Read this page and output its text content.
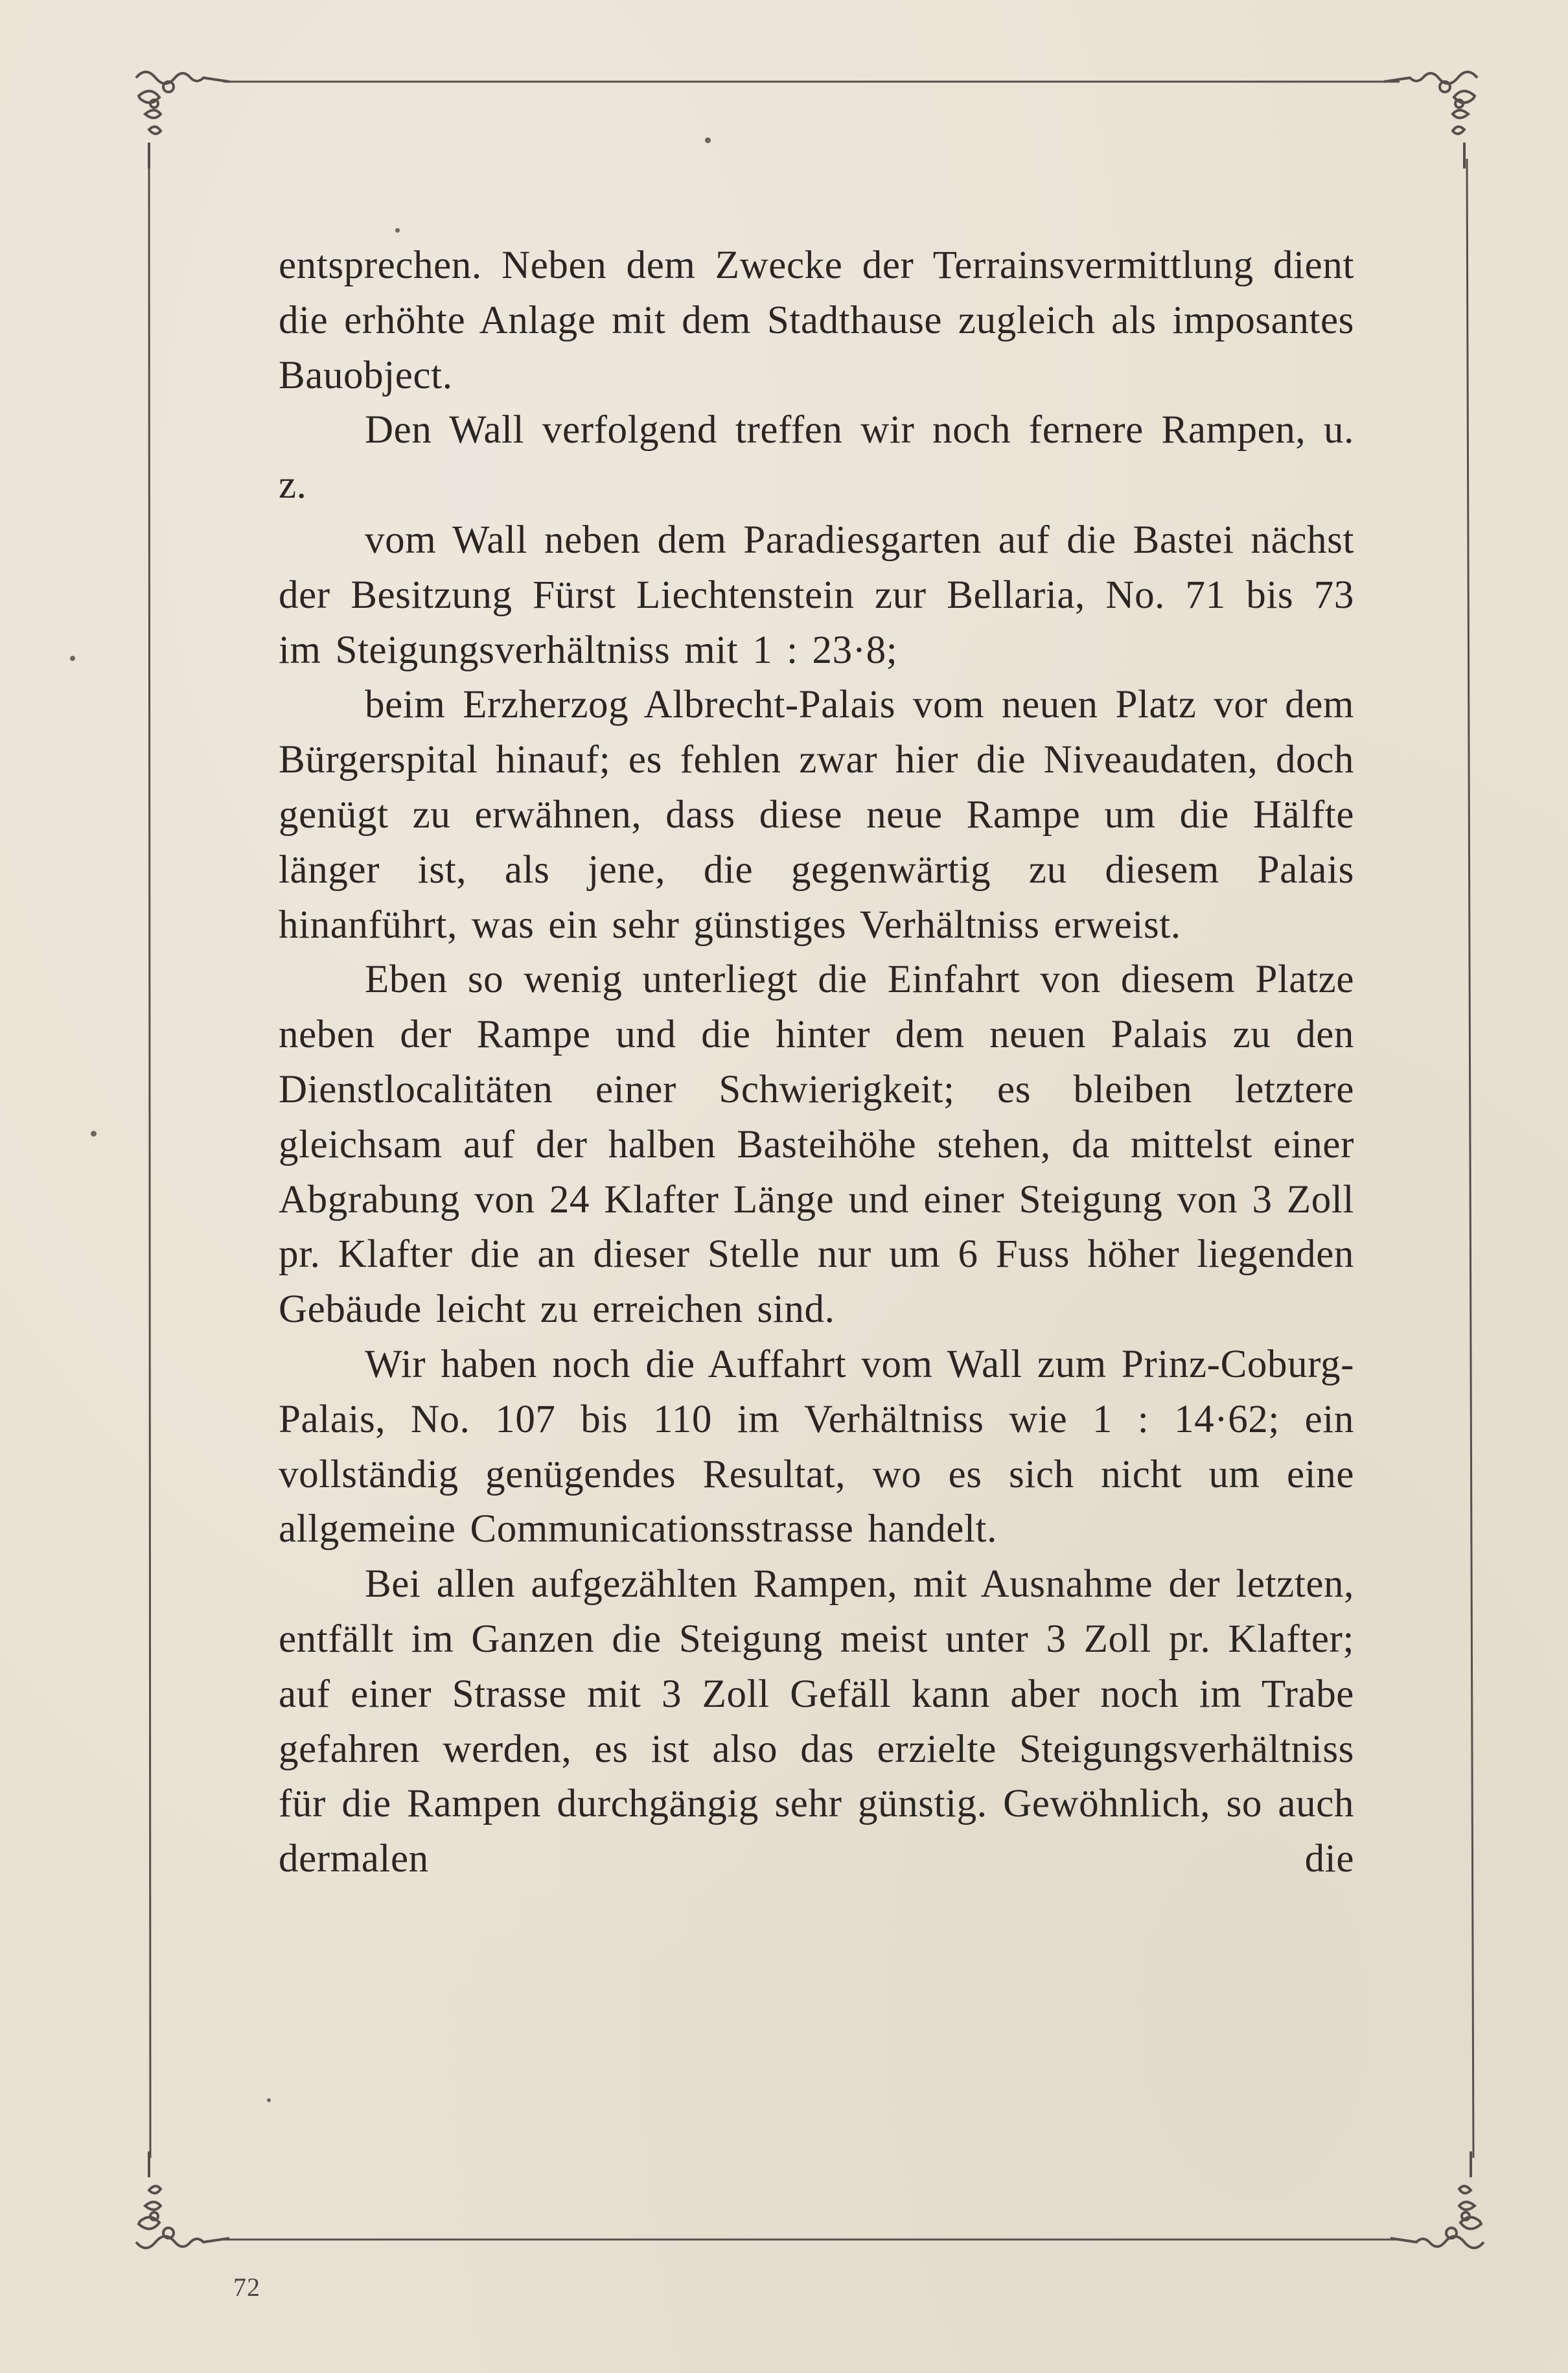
entsprechen. Neben dem Zwecke der Terrainsvermittlung dient die erhöhte Anlage mit dem Stadthause zugleich als imposantes Bauobject.

Den Wall verfolgend treffen wir noch fernere Rampen, u. z.

vom Wall neben dem Paradiesgarten auf die Bastei nächst der Besitzung Fürst Liechtenstein zur Bellaria, No. 71 bis 73 im Steigungsverhältniss mit 1 : 23·8;

beim Erzherzog Albrecht-Palais vom neuen Platz vor dem Bürgerspital hinauf; es fehlen zwar hier die Niveaudaten, doch genügt zu erwähnen, dass diese neue Rampe um die Hälfte länger ist, als jene, die gegenwärtig zu diesem Palais hinanführt, was ein sehr günstiges Verhältniss erweist.

Eben so wenig unterliegt die Einfahrt von diesem Platze neben der Rampe und die hinter dem neuen Palais zu den Dienstlocalitäten einer Schwierigkeit; es bleiben letztere gleichsam auf der halben Basteihöhe stehen, da mittelst einer Abgrabung von 24 Klafter Länge und einer Steigung von 3 Zoll pr. Klafter die an dieser Stelle nur um 6 Fuss höher liegenden Gebäude leicht zu erreichen sind.

Wir haben noch die Auffahrt vom Wall zum Prinz-Coburg-Palais, No. 107 bis 110 im Verhältniss wie 1 : 14·62; ein vollständig genügendes Resultat, wo es sich nicht um eine allgemeine Communicationsstrasse handelt.

Bei allen aufgezählten Rampen, mit Ausnahme der letzten, entfällt im Ganzen die Steigung meist unter 3 Zoll pr. Klafter; auf einer Strasse mit 3 Zoll Gefäll kann aber noch im Trabe gefahren werden, es ist also das erzielte Steigungsverhältniss für die Rampen durchgängig sehr günstig. Gewöhnlich, so auch dermalen die

72
